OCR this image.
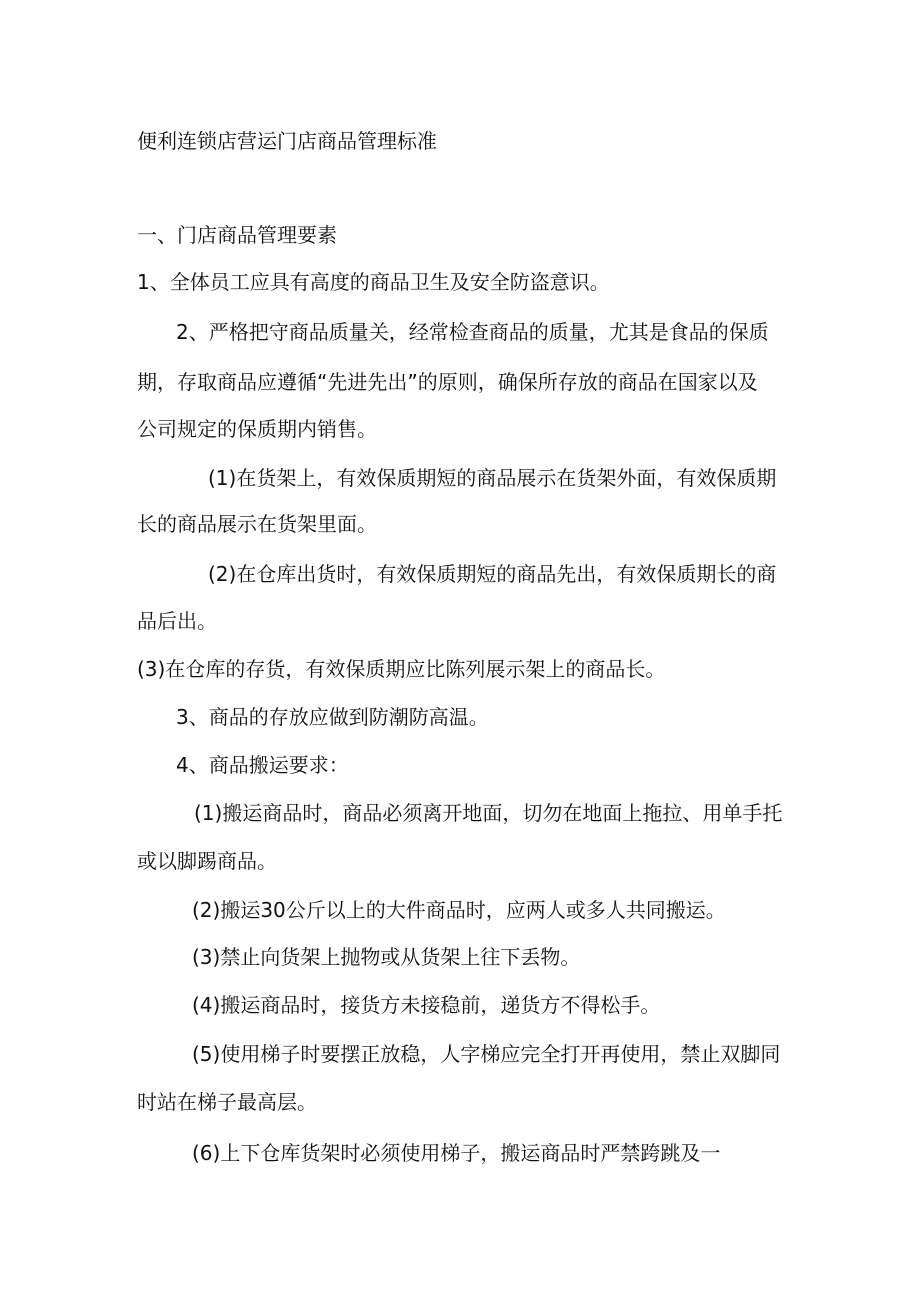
便利连锁店营运门店商品管理标准

一、门店商品管理要素

1、全体员工应具有高度的商品卫生及安全防盗意识。

2、严格把守商品质量关，经常检查商品的质量，尤其是食品的保质

期，存取商品应遵循“先进先出”的原则，确保所存放的商品在国家以及

公司规定的保质期内销售。

(1)在货架上，有效保质期短的商品展示在货架外面，有效保质期

长的商品展示在货架里面。

(2)在仓库出货时，有效保质期短的商品先出，有效保质期长的商

品后出。

(3)在仓库的存货，有效保质期应比陈列展示架上的商品长。

3、商品的存放应做到防潮防高温。

4、商品搬运要求：

(1)搬运商品时，商品必须离开地面，切勿在地面上拖拉、用单手托

或以脚踢商品。

(2)搬运30公斤以上的大件商品时，应两人或多人共同搬运。

(3)禁止向货架上抛物或从货架上往下丢物。

(4)搬运商品时，接货方未接稳前，递货方不得松手。

(5)使用梯子时要摆正放稳，人字梯应完全打开再使用，禁止双脚同

时站在梯子最高层。

(6)上下仓库货架时必须使用梯子，搬运商品时严禁跨跳及一
